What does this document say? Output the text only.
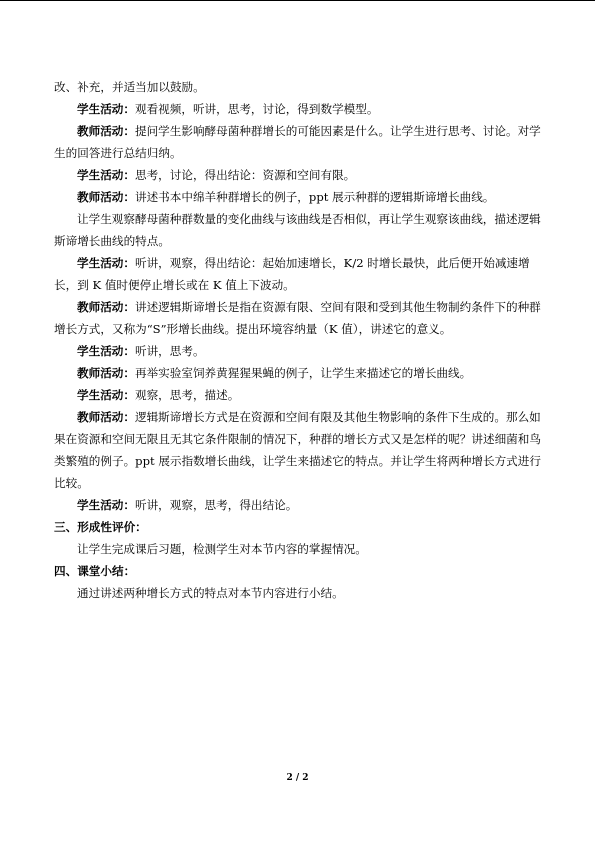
改、补充，并适当加以鼓励。

学生活动：观看视频，听讲，思考，讨论，得到数学模型。

教师活动：提问学生影响酵母菌种群增长的可能因素是什么。让学生进行思考、讨论。对学生的回答进行总结归纳。

学生活动：思考，讨论，得出结论：资源和空间有限。

教师活动：讲述书本中绵羊种群增长的例子，ppt 展示种群的逻辑斯谛增长曲线。

让学生观察酵母菌种群数量的变化曲线与该曲线是否相似，再让学生观察该曲线，描述逻辑斯谛增长曲线的特点。

学生活动：听讲，观察，得出结论：起始加速增长，K/2 时增长最快，此后便开始减速增长，到 K 值时便停止增长或在 K 值上下波动。

教师活动：讲述逻辑斯谛增长是指在资源有限、空间有限和受到其他生物制约条件下的种群增长方式，又称为“S”形增长曲线。提出环境容纳量（K 值），讲述它的意义。

学生活动：听讲，思考。

教师活动：再举实验室饲养黄猩猩果蝇的例子，让学生来描述它的增长曲线。

学生活动：观察，思考，描述。

教师活动：逻辑斯谛增长方式是在资源和空间有限及其他生物影响的条件下生成的。那么如果在资源和空间无限且无其它条件限制的情况下，种群的增长方式又是怎样的呢？讲述细菌和鸟类繁殖的例子。ppt 展示指数增长曲线，让学生来描述它的特点。并让学生将两种增长方式进行比较。

学生活动：听讲，观察，思考，得出结论。

三、形成性评价：

让学生完成课后习题，检测学生对本节内容的掌握情况。

四、课堂小结：

通过讲述两种增长方式的特点对本节内容进行小结。

2 / 2
